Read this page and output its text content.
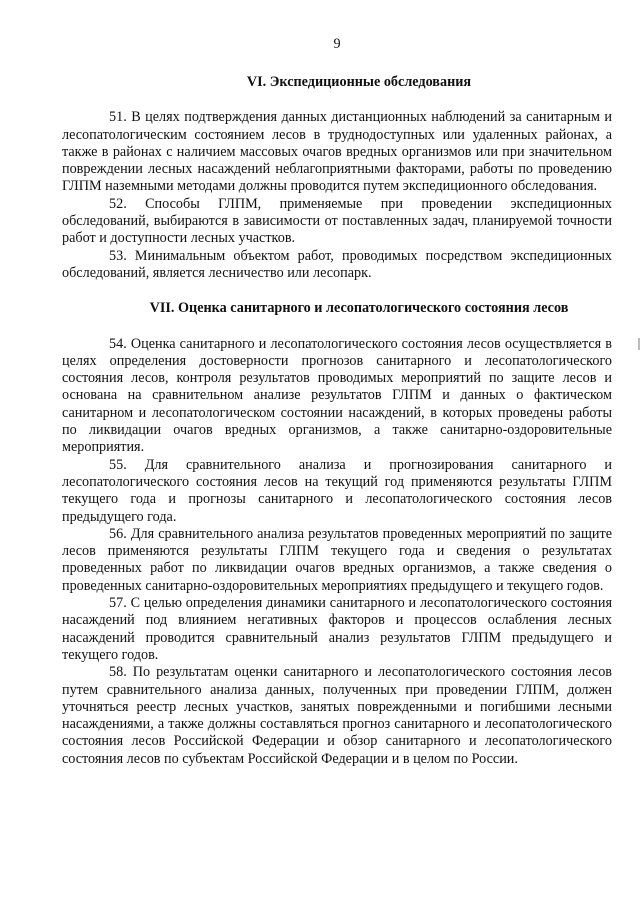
9
VI. Экспедиционные обследования

51. В целях подтверждения данных дистанционных наблюдений за санитарным и лесопатологическим состоянием лесов в труднодоступных или удаленных районах, а также в районах с наличием массовых очагов вредных организмов или при значительном повреждении лесных насаждений неблагоприятными факторами, работы по проведению ГЛПМ наземными методами должны проводится путем экспедиционного обследования.

52. Способы ГЛПМ, применяемые при проведении экспедиционных обследований, выбираются в зависимости от поставленных задач, планируемой точности работ и доступности лесных участков.

53. Минимальным объектом работ, проводимых посредством экспедиционных обследований, является лесничество или лесопарк.

VII. Оценка санитарного и лесопатологического состояния лесов

54. Оценка санитарного и лесопатологического состояния лесов осуществляется в целях определения достоверности прогнозов санитарного и лесопатологического состояния лесов, контроля результатов проводимых мероприятий по защите лесов и основана на сравнительном анализе результатов ГЛПМ и данных о фактическом санитарном и лесопатологическом состоянии насаждений, в которых проведены работы по ликвидации очагов вредных организмов, а также санитарно-оздоровительные мероприятия.

55. Для сравнительного анализа и прогнозирования санитарного и лесопатологического состояния лесов на текущий год применяются результаты ГЛПМ текущего года и прогнозы санитарного и лесопатологического состояния лесов предыдущего года.

56. Для сравнительного анализа результатов проведенных мероприятий по защите лесов применяются результаты ГЛПМ текущего года и сведения о результатах проведенных работ по ликвидации очагов вредных организмов, а также сведения о проведенных санитарно-оздоровительных мероприятиях предыдущего и текущего годов.

57. С целью определения динамики санитарного и лесопатологического состояния насаждений под влиянием негативных факторов и процессов ослабления лесных насаждений проводится сравнительный анализ результатов ГЛПМ предыдущего и текущего годов.

58. По результатам оценки санитарного и лесопатологического состояния лесов путем сравнительного анализа данных, полученных при проведении ГЛПМ, должен уточняться реестр лесных участков, занятых поврежденными и погибшими лесными насаждениями, а также должны составляться прогноз санитарного и лесопатологического состояния лесов Российской Федерации и обзор санитарного и лесопатологического состояния лесов по субъектам Российской Федерации и в целом по России.
